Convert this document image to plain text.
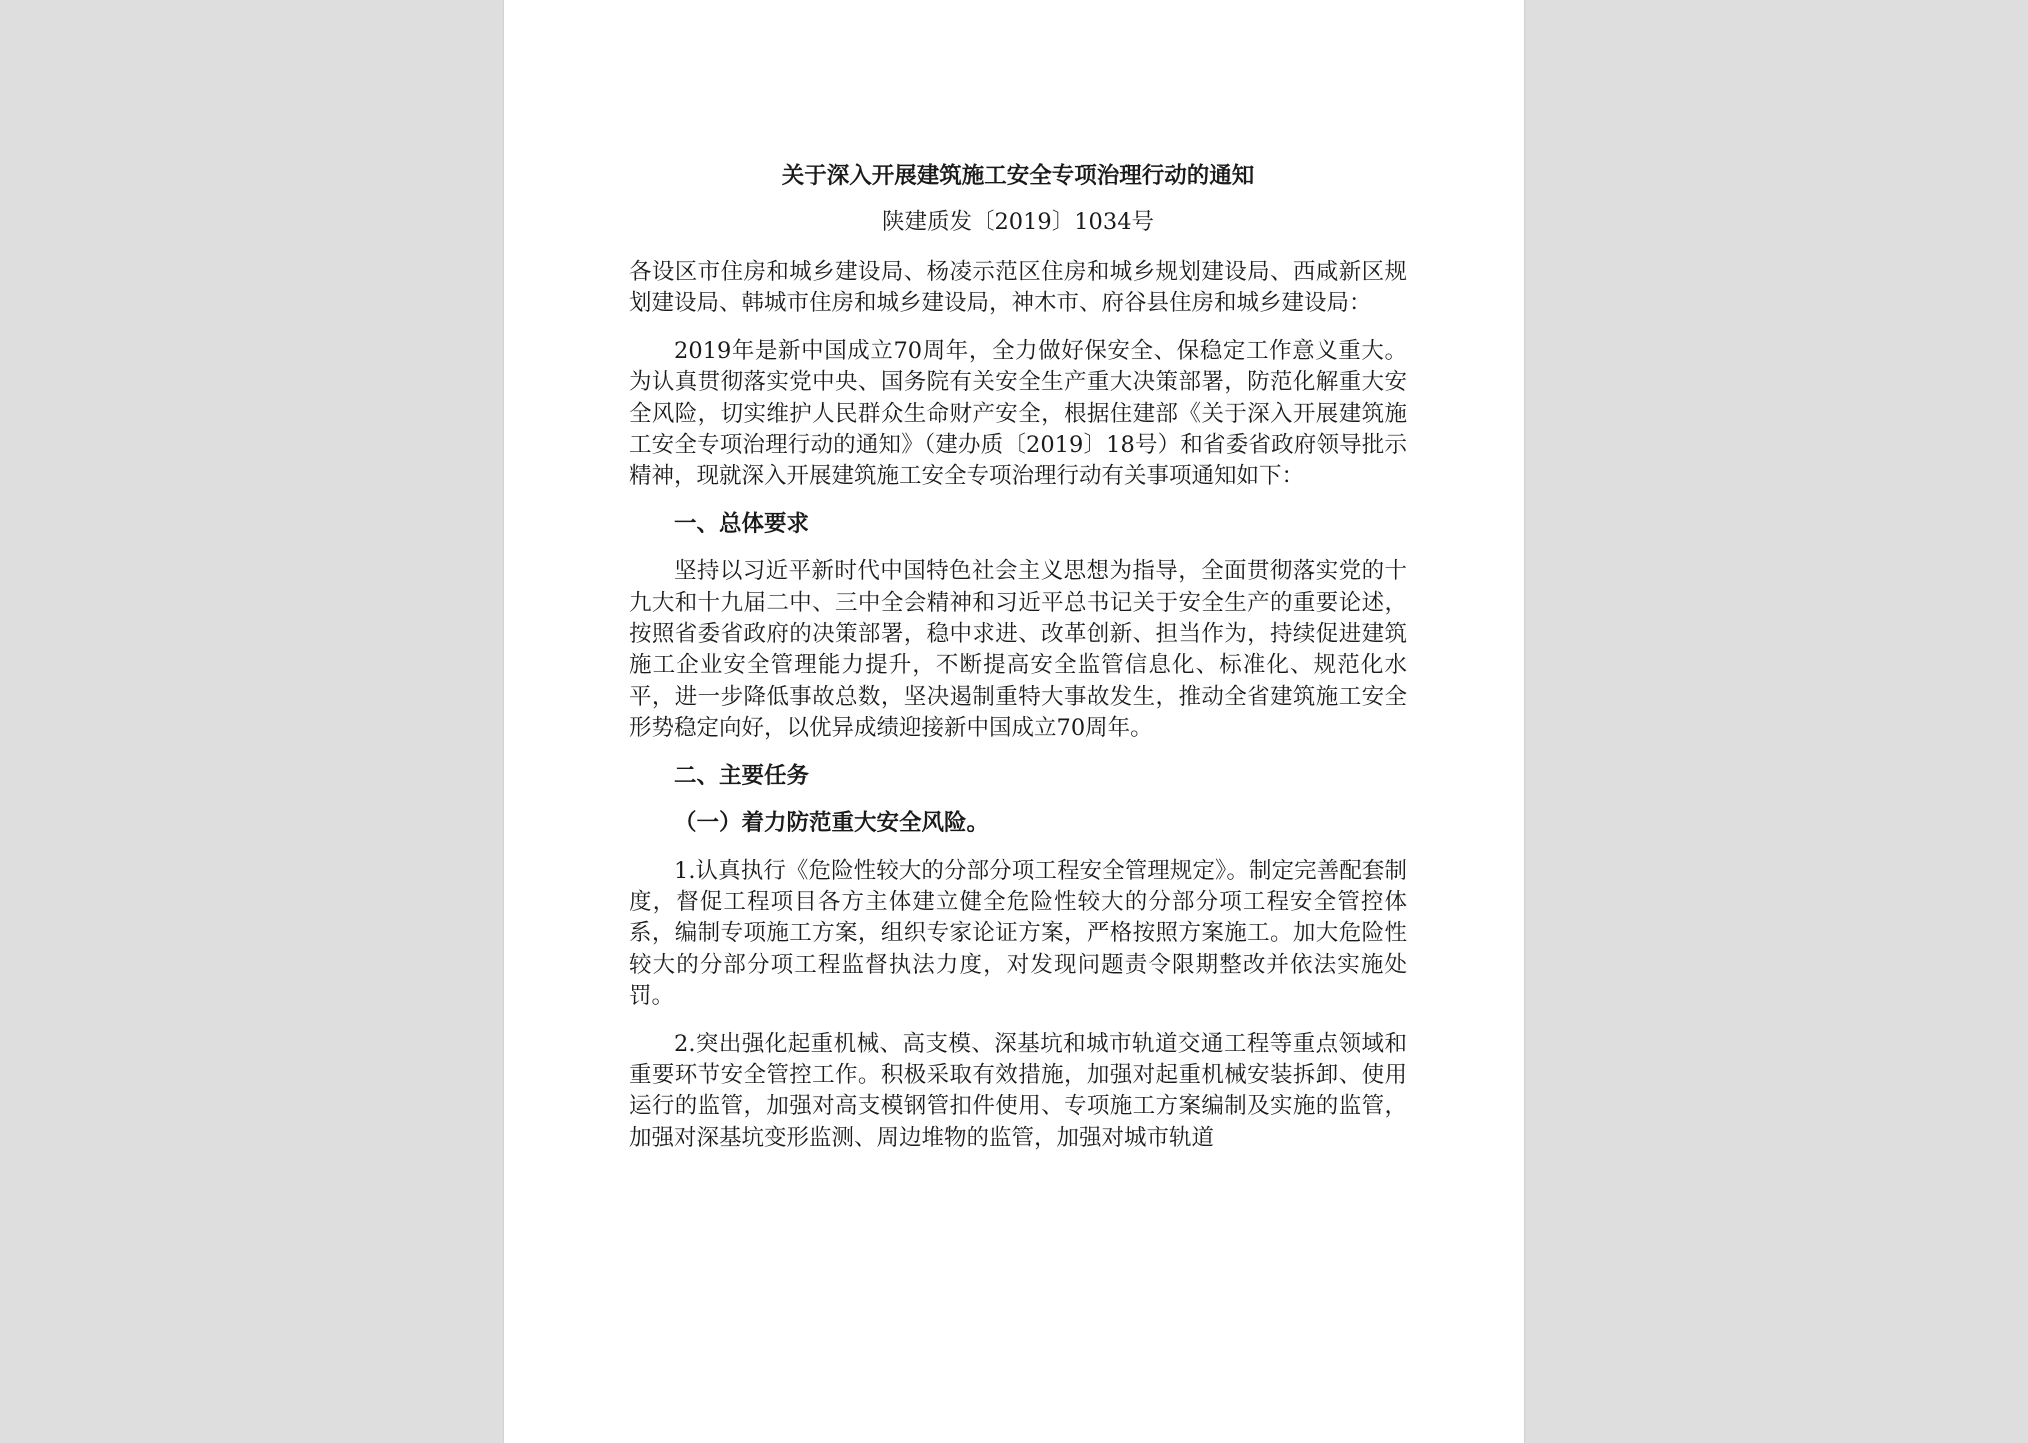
关于深入开展建筑施工安全专项治理行动的通知

陕建质发〔2019〕1034号

各设区市住房和城乡建设局、杨凌示范区住房和城乡规划建设局、西咸新区规划建设局、韩城市住房和城乡建设局，神木市、府谷县住房和城乡建设局：

2019年是新中国成立70周年，全力做好保安全、保稳定工作意义重大。为认真贯彻落实党中央、国务院有关安全生产重大决策部署，防范化解重大安全风险，切实维护人民群众生命财产安全，根据住建部《关于深入开展建筑施工安全专项治理行动的通知》（建办质〔2019〕18号）和省委省政府领导批示精神，现就深入开展建筑施工安全专项治理行动有关事项通知如下：

一、总体要求

坚持以习近平新时代中国特色社会主义思想为指导，全面贯彻落实党的十九大和十九届二中、三中全会精神和习近平总书记关于安全生产的重要论述，按照省委省政府的决策部署，稳中求进、改革创新、担当作为，持续促进建筑施工企业安全管理能力提升，不断提高安全监管信息化、标准化、规范化水平，进一步降低事故总数，坚决遏制重特大事故发生，推动全省建筑施工安全形势稳定向好，以优异成绩迎接新中国成立70周年。

二、主要任务

（一）着力防范重大安全风险。

1.认真执行《危险性较大的分部分项工程安全管理规定》。制定完善配套制度，督促工程项目各方主体建立健全危险性较大的分部分项工程安全管控体系，编制专项施工方案，组织专家论证方案，严格按照方案施工。加大危险性较大的分部分项工程监督执法力度，对发现问题责令限期整改并依法实施处罚。

2.突出强化起重机械、高支模、深基坑和城市轨道交通工程等重点领域和重要环节安全管控工作。积极采取有效措施，加强对起重机械安装拆卸、使用运行的监管，加强对高支模钢管扣件使用、专项施工方案编制及实施的监管，加强对深基坑变形监测、周边堆物的监管，加强对城市轨道
